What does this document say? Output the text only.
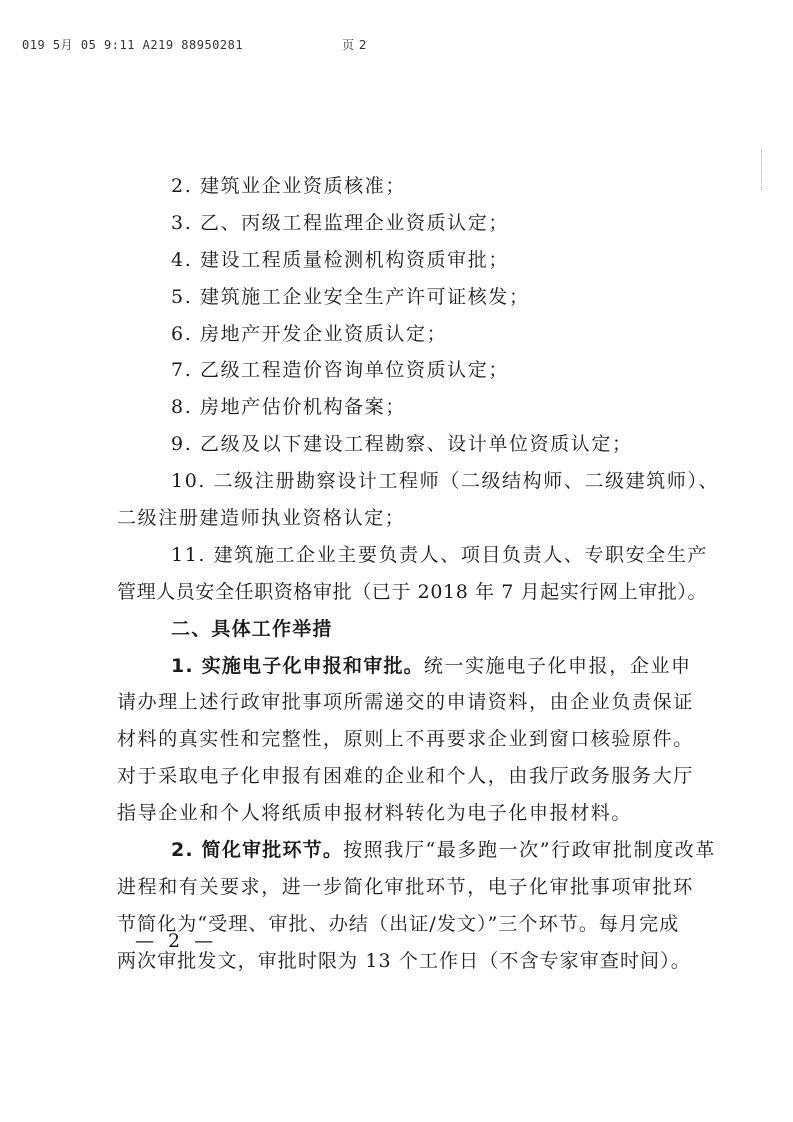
019 5月 05 9:11 A219 88950281	页 2
2. 建筑业企业资质核准；
3. 乙、丙级工程监理企业资质认定；
4. 建设工程质量检测机构资质审批；
5. 建筑施工企业安全生产许可证核发；
6. 房地产开发企业资质认定；
7. 乙级工程造价咨询单位资质认定；
8. 房地产估价机构备案；
9. 乙级及以下建设工程勘察、设计单位资质认定；
10. 二级注册勘察设计工程师（二级结构师、二级建筑师）、
二级注册建造师执业资格认定；
11. 建筑施工企业主要负责人、项目负责人、专职安全生产
管理人员安全任职资格审批（已于 2018 年 7 月起实行网上审批）。
二、具体工作举措
1. 实施电子化申报和审批。统一实施电子化申报，企业申
请办理上述行政审批事项所需递交的申请资料，由企业负责保证
材料的真实性和完整性，原则上不再要求企业到窗口核验原件。
对于采取电子化申报有困难的企业和个人，由我厅政务服务大厅
指导企业和个人将纸质申报材料转化为电子化申报材料。
2. 简化审批环节。按照我厅“最多跑一次”行政审批制度改革
进程和有关要求，进一步简化审批环节，电子化审批事项审批环
节简化为“受理、审批、办结（出证/发文）”三个环节。每月完成
两次审批发文，审批时限为 13 个工作日（不含专家审查时间）。
— 2 —
